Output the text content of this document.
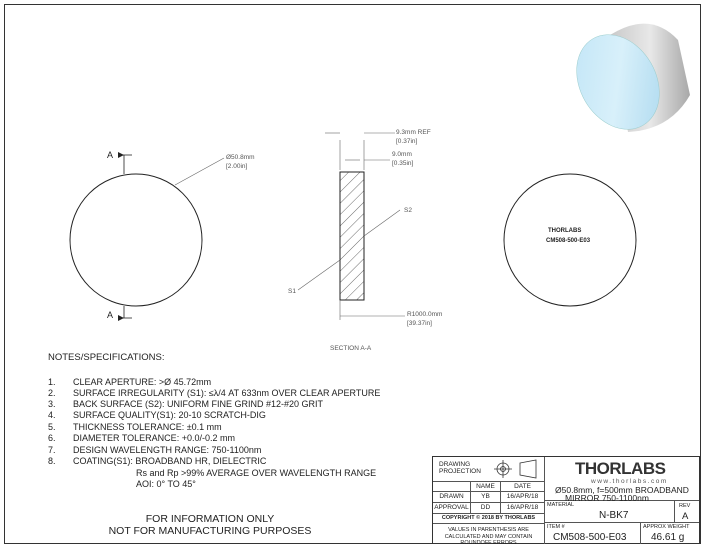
A
A
Ø50.8mm
[2.00in]
9.3mm REF
[0.37in]
9.0mm
[0.35in]
S2
S1
R1000.0mm
[39.37in]
SECTION A-A
THORLABS
CM508-500-E03
NOTES/SPECIFICATIONS:
1. CLEAR APERTURE: >Ø 45.72mm
2. SURFACE IRREGULARITY (S1): ≤λ/4 AT 633nm OVER CLEAR APERTURE
3. BACK SURFACE (S2): UNIFORM FINE GRIND #12-#20 GRIT
4. SURFACE QUALITY(S1): 20-10 SCRATCH-DIG
5. THICKNESS TOLERANCE: ±0.1 mm
6. DIAMETER TOLERANCE: +0.0/-0.2 mm
7. DESIGN WAVELENGTH RANGE: 750-1100nm
8. COATING(S1): BROADBAND HR, DIELECTRIC
Rs and Rp >99% AVERAGE OVER WAVELENGTH RANGE
AOI: 0° TO 45°
FOR INFORMATION ONLY
NOT FOR MANUFACTURING PURPOSES
DRAWING
PROJECTION
NAME	DATE
DRAWN	YB	16/APR/18
APPROVAL	DD	16/APR/18
COPYRIGHT © 2018 BY THORLABS
VALUES IN PARENTHESIS ARE CALCULATED AND MAY CONTAIN ROUNDOFF ERRORS
THORLABS
www.thorlabs.com
Ø50.8mm, f=500mm BROADBAND
MIRROR 750-1100nm
MATERIAL
N-BK7
REV
A
ITEM #
CM508-500-E03
APPROX WEIGHT
46.61 g
